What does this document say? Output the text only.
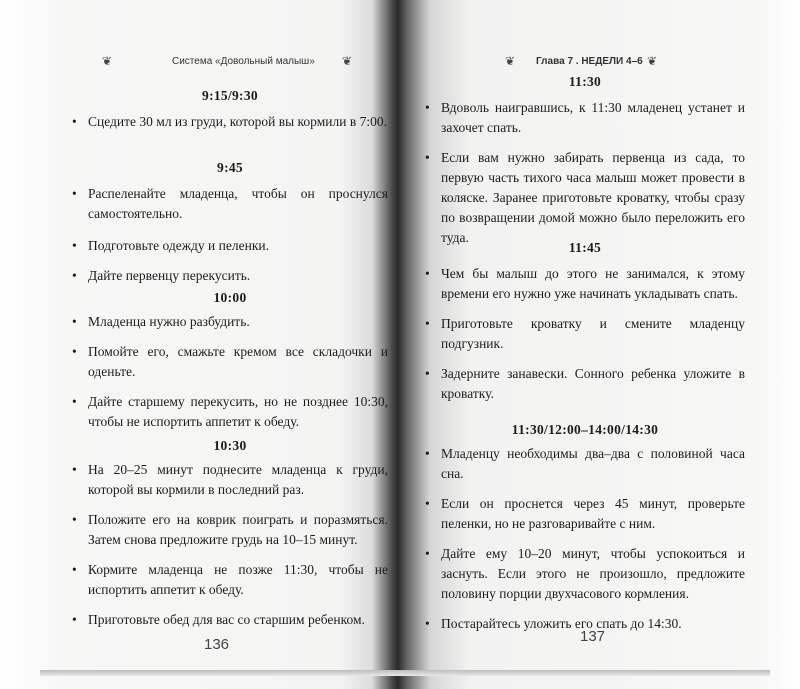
❦	Система «Довольный малыш» ❦
9:15/9:30
• Сцедите 30 мл из груди, которой вы кормили в 7:00.
9:45
• Распеленайте младенца, чтобы он проснулся самостоятельно.
• Подготовьте одежду и пеленки.
• Дайте первенцу перекусить.
10:00
• Младенца нужно разбудить.
• Помойте его, смажьте кремом все складочки и оденьте.
• Дайте старшему перекусить, но не позднее 10:30, чтобы не испортить аппетит к обеду.
10:30
• На 20–25 минут поднесите младенца к груди, которой вы кормили в последний раз.
• Положите его на коврик поиграть и поразмяться. Затем снова предложите грудь на 10–15 минут.
• Кормите младенца не позже 11:30, чтобы не испортить аппетит к обеду.
• Приготовьте обед для вас со старшим ребенком.
136
❦ Глава 7 . НЕДЕЛИ 4–6 ❦
11:30
• Вдоволь наигравшись, к 11:30 младенец устанет и захочет спать.
• Если вам нужно забирать первенца из сада, то первую часть тихого часа малыш может провести в коляске. Заранее приготовьте кроватку, чтобы сразу по возвращении домой можно было переложить его туда.
11:45
• Чем бы малыш до этого не занимался, к этому времени его нужно уже начинать укладывать спать.
• Приготовьте кроватку и смените младенцу подгузник.
• Задерните занавески. Сонного ребенка уложите в кроватку.
11:30/12:00–14:00/14:30
• Младенцу необходимы два–два с половиной часа сна.
• Если он проснется через 45 минут, проверьте пеленки, но не разговаривайте с ним.
• Дайте ему 10–20 минут, чтобы успокоиться и заснуть. Если этого не произошло, предложите половину порции двухчасового кормления.
• Постарайтесь уложить его спать до 14:30.
137
